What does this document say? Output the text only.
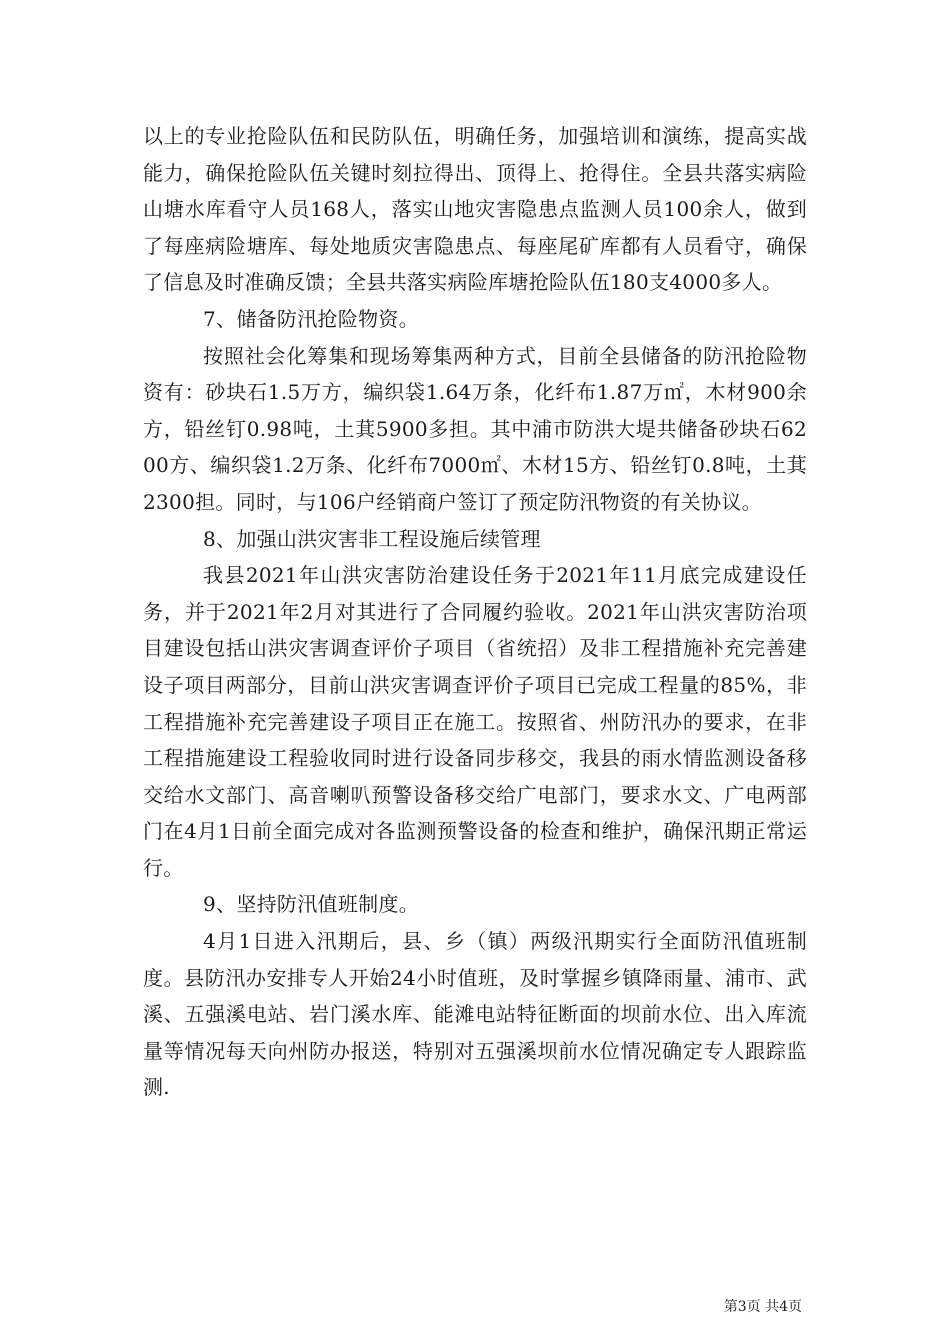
以上的专业抢险队伍和民防队伍，明确任务，加强培训和演练，提高实战能力，确保抢险队伍关键时刻拉得出、顶得上、抢得住。全县共落实病险山塘水库看守人员168人，落实山地灾害隐患点监测人员100余人，做到了每座病险塘库、每处地质灾害隐患点、每座尾矿库都有人员看守，确保了信息及时准确反馈；全县共落实病险库塘抢险队伍180支4000多人。

7、储备防汛抢险物资。

按照社会化筹集和现场筹集两种方式，目前全县储备的防汛抢险物资有：砂块石1.5万方，编织袋1.64万条，化纤布1.87万㎡，木材900余方，铅丝钉0.98吨，土萁5900多担。其中浦市防洪大堤共储备砂块石6200方、编织袋1.2万条、化纤布7000㎡、木材15方、铅丝钉0.8吨，土萁2300担。同时，与106户经销商户签订了预定防汛物资的有关协议。

8、加强山洪灾害非工程设施后续管理

我县2021年山洪灾害防治建设任务于2021年11月底完成建设任务，并于2021年2月对其进行了合同履约验收。2021年山洪灾害防治项目建设包括山洪灾害调查评价子项目（省统招）及非工程措施补充完善建设子项目两部分，目前山洪灾害调查评价子项目已完成工程量的85%，非工程措施补充完善建设子项目正在施工。按照省、州防汛办的要求，在非工程措施建设工程验收同时进行设备同步移交，我县的雨水情监测设备移交给水文部门、高音喇叭预警设备移交给广电部门，要求水文、广电两部门在4月1日前全面完成对各监测预警设备的检查和维护，确保汛期正常运行。

9、坚持防汛值班制度。

4月1日进入汛期后，县、乡（镇）两级汛期实行全面防汛值班制度。县防汛办安排专人开始24小时值班，及时掌握乡镇降雨量、浦市、武溪、五强溪电站、岩门溪水库、能滩电站特征断面的坝前水位、出入库流量等情况每天向州防办报送，特别对五强溪坝前水位情况确定专人跟踪监测.

第3页 共4页
